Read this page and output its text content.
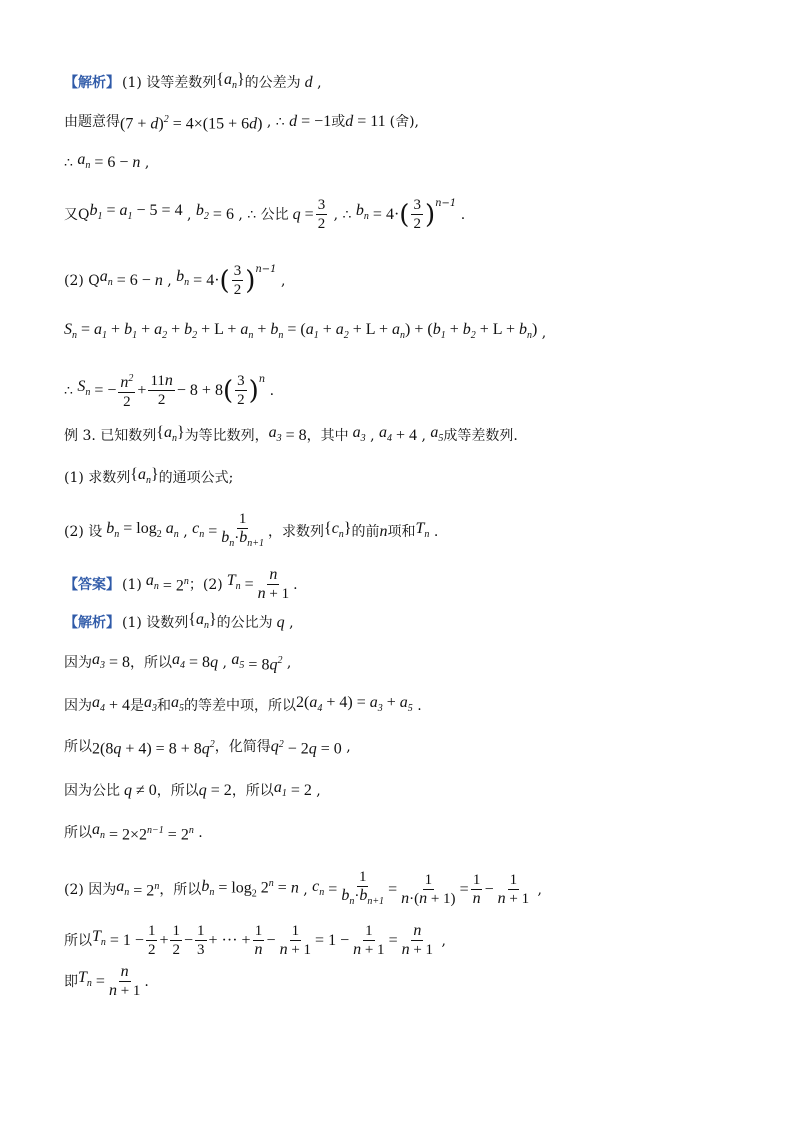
【解析】 (1) 设等差数列 $\{a_n\}$ 的公差为 d ,
由题意得 $(7 + d)^2 = 4\times(15 + 6d)$ , ∴ d = −1 或 d = 11 (舍),
∴ $a_n = 6 - n$ ,
又Q $b_1 = a_1 - 5 = 4$ , $b_2 = 6$ , ∴ 公比 $q = \frac{3}{2}$ , ∴ $b_n = 4\cdot$ ( $\frac{3}{2} )^{n-1}$
.
(2) Q $a_n = 6 - n$ , $b_n = 4\cdot$ ( $\frac{3}{2} )^{n-1}$
,
$S_n = a_1 + b_1 + a_2 + b_2 + L + a_n + b_n = (a_1 + a_2 + L + a_n) + (b_1 + b_2 + L + b_n)$ ,
∴ $S_n$ = − $\frac{n^2}{2} + \frac{11n}{2} - 8 + 8$ ( $\frac{3}{2} )^n$
.
例 3. 已知数列 $\{a_n\}$ 为等比数列， $a_3 = 8$ ，其中 $a_3$ , $a_4 + 4$ , $a_5$ 成等差数列.
(1) 求数列 $\{a_n\}$ 的通项公式;
(2) 设 $b_n = \log_2 a_n$ , $c_n = \frac{1}{b_n\cdot b_{n+1}}$ ，求数列 $\{c_n\}$ 的前 n 项和 $T_n$ .
【答案】 (1) $a_n = 2^n$ ；(2) $T_n = \frac{n}{n + 1}$ .
【解析】 (1) 设数列 $\{a_n\}$ 的公比为 q ,
因为 $a_3 = 8$ ，所以 $a_4 = 8q$ , $a_5 = 8q^2$ ,
因为 $a_4 + 4$ 是 $a_3$ 和 $a_5$ 的等差中项，所以 $2(a_4 + 4) = a_3 + a_5$ .
所以 $2(8q + 4) = 8 + 8q^2$ ，化简得 q $^2$ − 2q = 0 ,
因为公比 q ≠ 0 ，所以 q = 2 ，所以 $a_1 = 2$ ,
所以 $a_n = 2\times 2^{n-1} = 2^n$ .
(2) 因为 $a_n = 2^n$ ，所以 $b_n = \log_2 2^n = n$ , $c_n = \frac{1}{b_n\cdot b_{n+1}} = \frac{1}{n\cdot(n + 1)} = \frac{1}{n} - \frac{1}{n + 1}$ ,
所以 $T_n = 1 - \frac{1}{2} + \frac{1}{2} - \frac{1}{3}$ + ··· + $\frac{1}{n} - \frac{1}{n + 1} = 1 - \frac{1}{n + 1} = \frac{n}{n + 1}$ ,
即 $T_n = \frac{n}{n + 1}$ .
